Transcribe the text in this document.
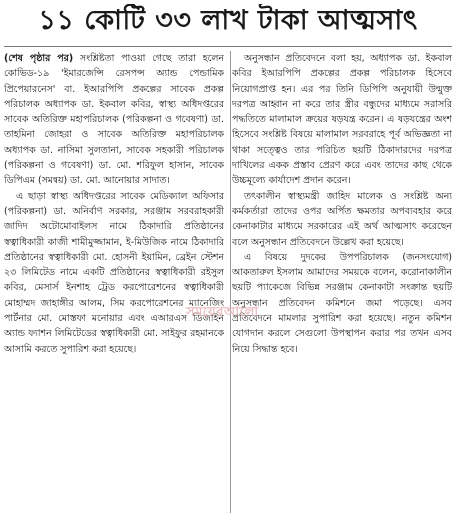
১১ কোটি ৩৩ লাখ টাকা আত্মসাৎ

(শেষ পৃষ্ঠার পর) সংশ্লিষ্টতা পাওয়া গেছে তারা হলেন কোভিড-১৯ 'ইমারজেন্সি রেসপন্স অ্যান্ড পেন্ডামিক প্রিপেয়ারনেস' বা. ইআরপিপি প্রকল্পের সাবেক প্রকল্প পরিচালক অধ্যাপক ডা. ইকবাল কবির, স্বাস্থ্য অধিদপ্তরের সাবেক অতিরিক্ত মহাপরিচালক (পরিকল্পনা ও গবেষণা) ডা. তাহমিনা জোহরা ও সাবেক অতিরিক্ত মহাপরিচালক অধ্যাপক ডা. নাসিমা সুলতানা, সাবেক সহকারী পরিচালক (পরিকল্পনা ও গবেষণা) ডা. মো. শরিফুল হাসান, সাবেক ডিপিএম (সমন্বয়) ডা. মো. আনোয়ার সাদাত।

এ ছাড়া স্বাস্থ্য অধিদপ্তরের সাবেক মেডিক্যাল অফিসার (পরিকল্পনা) ডা. অনির্বাণ সরকার, সরঞ্জাম সরবরাহকারী জাদিদ অটোমোবাইলস নামে ঠিকাদারি প্রতিষ্ঠানের স্বত্বাধিকারী কাজী শামীমুজ্জামান, ই-মিউজিক নামে ঠিকাদারি প্রতিষ্ঠানের স্বত্বাধিকারী মো. হোসনী ইয়ামিন, ব্রেইন স্টেশন ২৩ লিমিটেড নামে একটি প্রতিষ্ঠানের স্বত্বাধিকারী রইসুল কবির, মেসার্স ইনশাহ ট্রেড করপোরেশনের স্বত্বাধিকারী মোহাম্মদ জাহাঙ্গীর আলম, সিম করপোরেশনের ম্যানেজিং পার্টনার মো. মোস্তফা মনোয়ার এবং এআরএস ডিজাইন অ্যান্ড ফ্যাশন লিমিটেডের স্বত্বাধিকারী মো. সাইফুর রহমানকে আসামি করতে সুপারিশ করা হয়েছে।

অনুসন্ধান প্রতিবেদনে বলা হয়, অধ্যাপক ডা. ইকবাল কবির ইআরপিপি প্রকল্পের প্রকল্প পরিচালক হিসেবে নিয়োগপ্রাপ্ত হন। এর পর তিনি ডিপিপি অনুযায়ী উন্মুক্ত দরপত্র আহ্বান না করে তার স্ত্রীর বন্ধুদের মাধ্যমে সরাসরি পদ্ধতিতে মালামাল ক্রয়ের ষড়যন্ত্র করেন। এ ষড়যন্ত্রের অংশ হিসেবে সংশ্লিষ্ট বিষয়ে মালামাল সরবরাহে পূর্ব অভিজ্ঞতা না থাকা সত্ত্বেও তার পরিচিত ছয়টি ঠিকাদারদের দরপত্র দাখিলের একক প্রস্তাব প্রেরণ করে এবং তাদের কাছ থেকে উচ্চমূল্যে কার্যাদেশ প্রদান করেন।

তৎকালীন স্বাস্থ্যমন্ত্রী জাহিদ মালেক ও সংশ্লিষ্ট অন্য কর্মকর্তারা তাদের ওপর অর্পিত ক্ষমতার অপব্যবহার করে কেনাকাটার মাধ্যমে সরকারের এই অর্থ আত্মসাৎ করেছেন বলে অনুসন্ধান প্রতিবেদনে উল্লেখ করা হয়েছে।

এ বিষয়ে দুদকের উপপরিচালক (জনসংযোগ) আকতারুল ইসলাম আমাদের সময়কে বলেন, করোনাকালীন ছয়টি প্যাকেজে বিভিন্ন সরঞ্জাম কেনাকাটা সংক্রান্ত ছয়টি অনুসন্ধান প্রতিবেদন কমিশনে জমা পড়েছে। এসব প্রতিবেদনে মামলার সুপারিশ করা হয়েছে। নতুন কমিশন যোগদান করলে সেগুলো উপস্থাপন করার পর তখন এসব নিয়ে সিদ্ধান্ত হবে।

সময়েরআলো
